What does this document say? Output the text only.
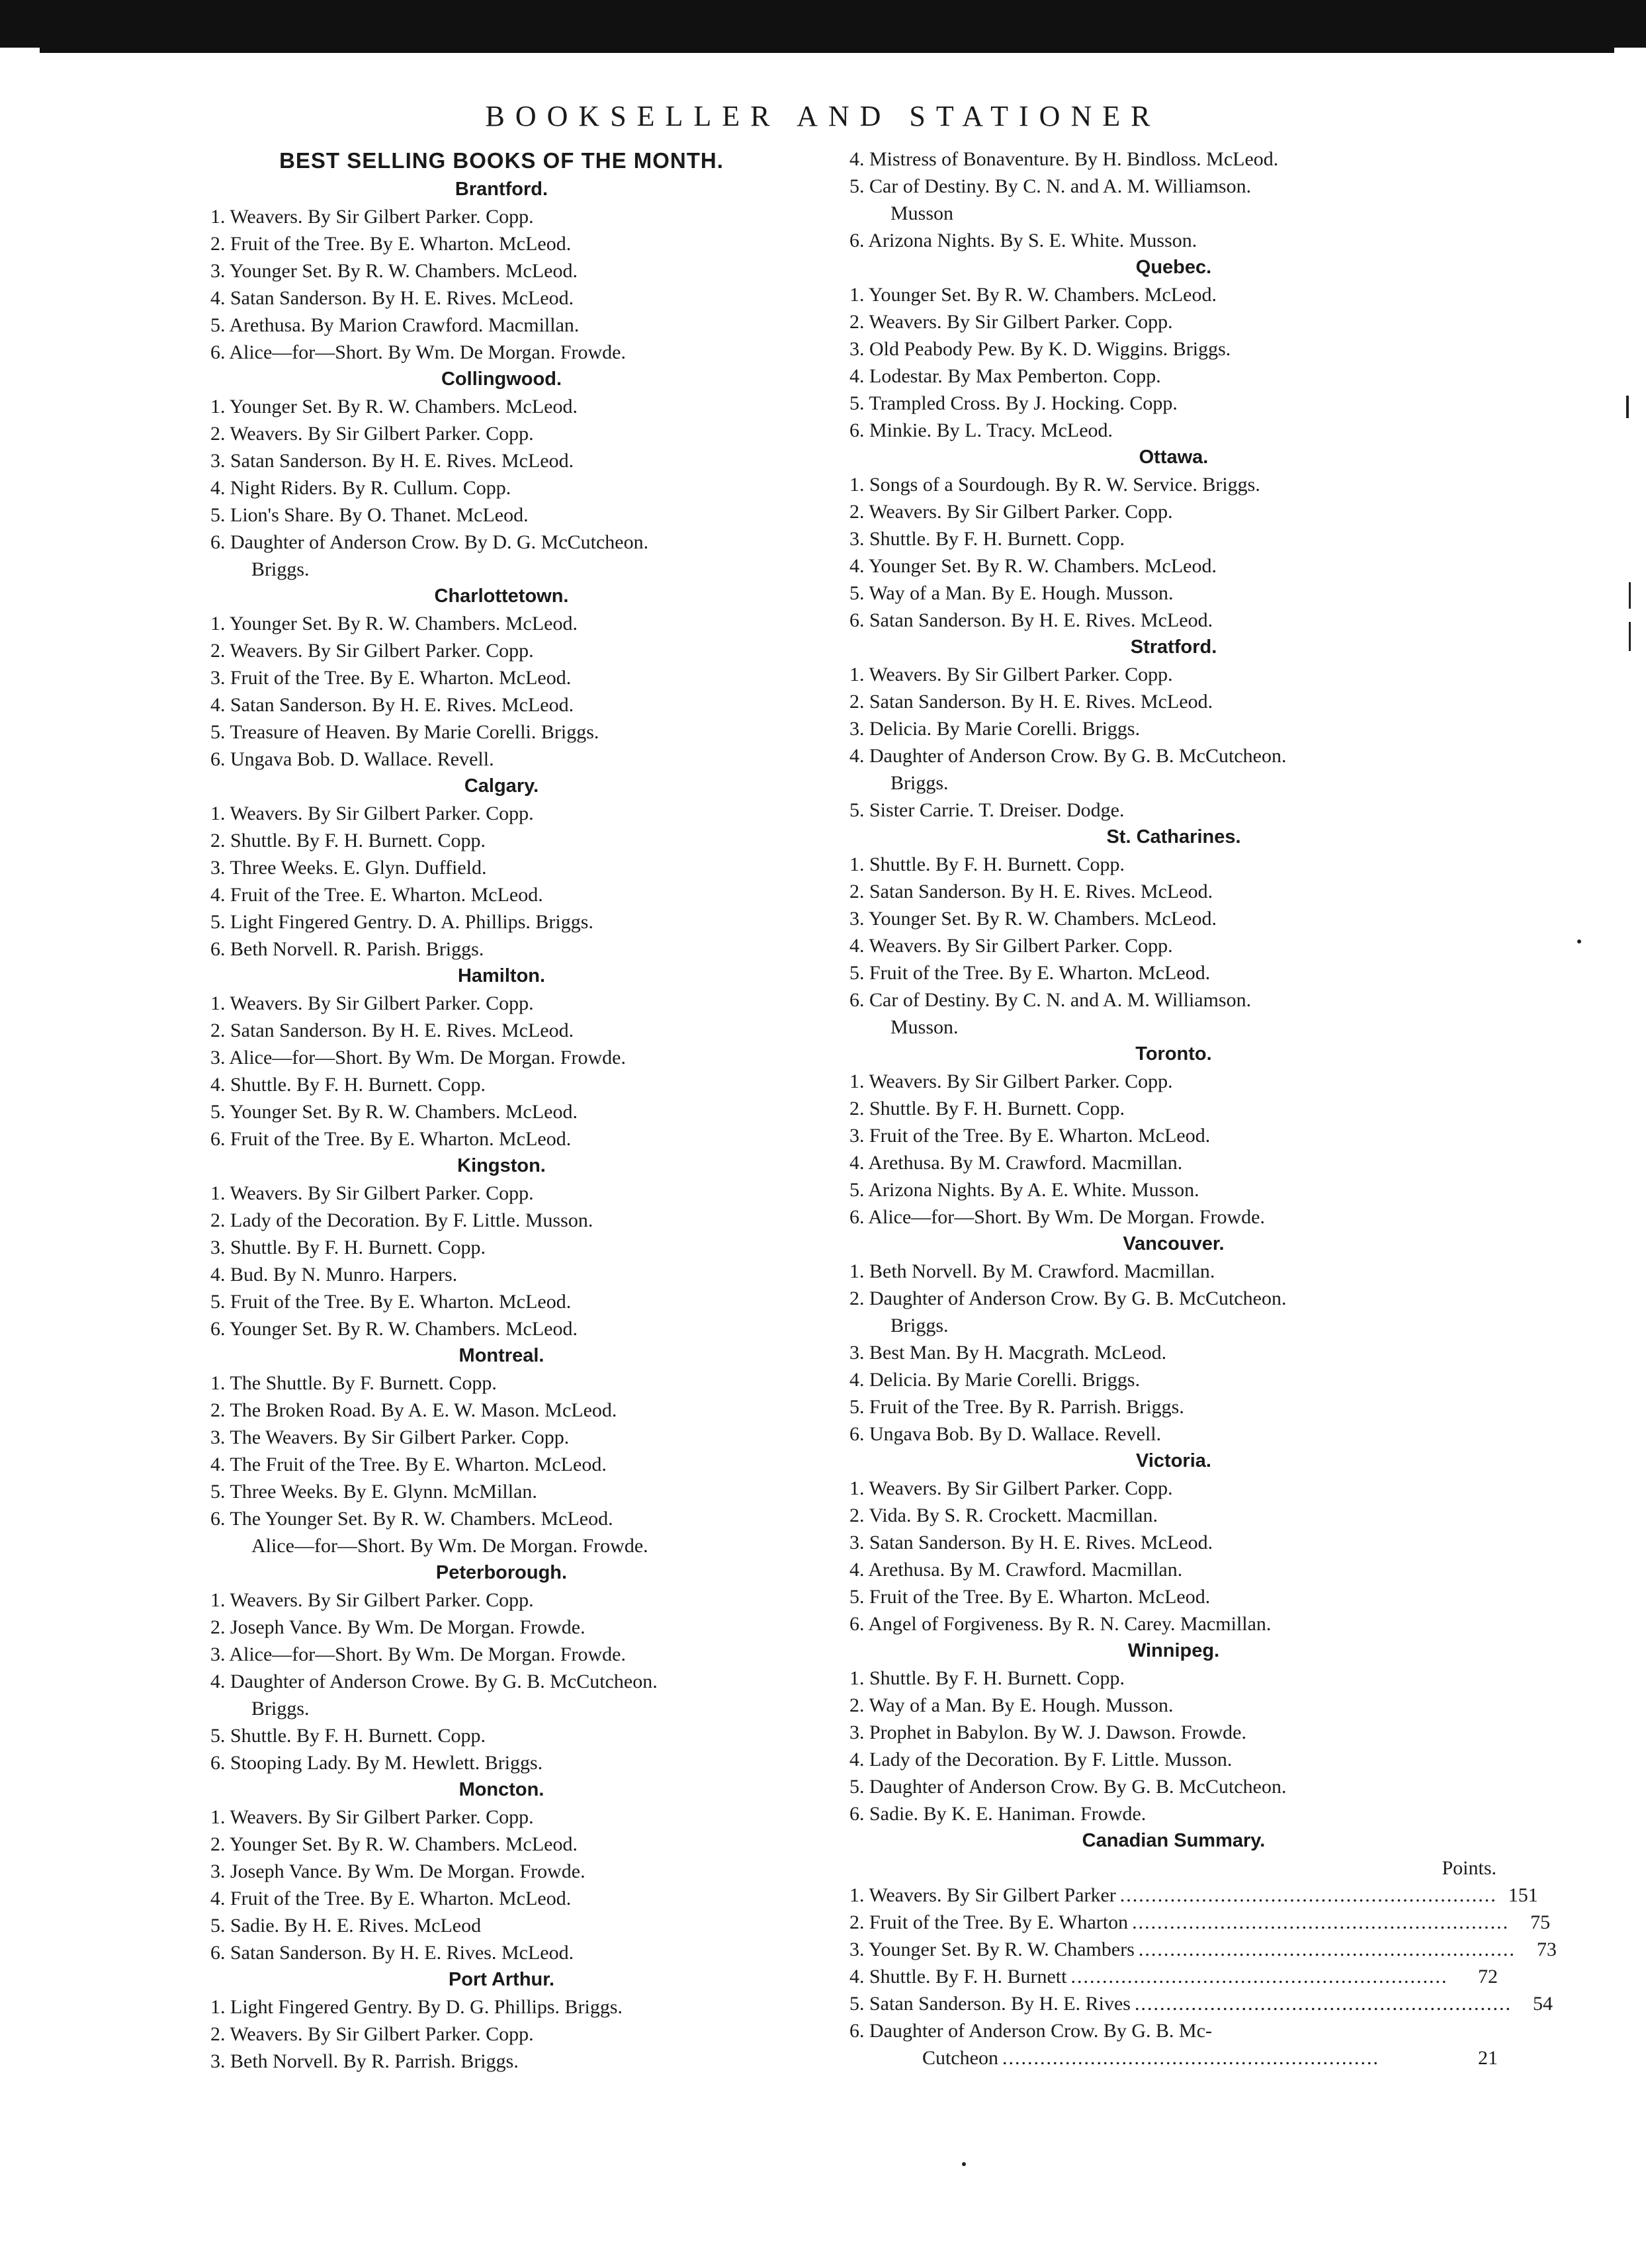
BOOKSELLER AND STATIONER
BEST SELLING BOOKS OF THE MONTH.
Brantford.
1. Weavers. By Sir Gilbert Parker. Copp.
2. Fruit of the Tree. By E. Wharton. McLeod.
3. Younger Set. By R. W. Chambers. McLeod.
4. Satan Sanderson. By H. E. Rives. McLeod.
5. Arethusa. By Marion Crawford. Macmillan.
6. Alice—for—Short. By Wm. De Morgan. Frowde.
Collingwood.
1. Younger Set. By R. W. Chambers. McLeod.
2. Weavers. By Sir Gilbert Parker. Copp.
3. Satan Sanderson. By H. E. Rives. McLeod.
4. Night Riders. By R. Cullum. Copp.
5. Lion's Share. By O. Thanet. McLeod.
6. Daughter of Anderson Crow. By D. G. McCutcheon.
Briggs.
Charlottetown.
1. Younger Set. By R. W. Chambers. McLeod.
2. Weavers. By Sir Gilbert Parker. Copp.
3. Fruit of the Tree. By E. Wharton. McLeod.
4. Satan Sanderson. By H. E. Rives. McLeod.
5. Treasure of Heaven. By Marie Corelli. Briggs.
6. Ungava Bob. D. Wallace. Revell.
Calgary.
1. Weavers. By Sir Gilbert Parker. Copp.
2. Shuttle. By F. H. Burnett. Copp.
3. Three Weeks. E. Glyn. Duffield.
4. Fruit of the Tree. E. Wharton. McLeod.
5. Light Fingered Gentry. D. A. Phillips. Briggs.
6. Beth Norvell. R. Parish. Briggs.
Hamilton.
1. Weavers. By Sir Gilbert Parker. Copp.
2. Satan Sanderson. By H. E. Rives. McLeod.
3. Alice—for—Short. By Wm. De Morgan. Frowde.
4. Shuttle. By F. H. Burnett. Copp.
5. Younger Set. By R. W. Chambers. McLeod.
6. Fruit of the Tree. By E. Wharton. McLeod.
Kingston.
1. Weavers. By Sir Gilbert Parker. Copp.
2. Lady of the Decoration. By F. Little. Musson.
3. Shuttle. By F. H. Burnett. Copp.
4. Bud. By N. Munro. Harpers.
5. Fruit of the Tree. By E. Wharton. McLeod.
6. Younger Set. By R. W. Chambers. McLeod.
Montreal.
1. The Shuttle. By F. Burnett. Copp.
2. The Broken Road. By A. E. W. Mason. McLeod.
3. The Weavers. By Sir Gilbert Parker. Copp.
4. The Fruit of the Tree. By E. Wharton. McLeod.
5. Three Weeks. By E. Glynn. McMillan.
6. The Younger Set. By R. W. Chambers. McLeod.
Alice—for—Short. By Wm. De Morgan. Frowde.
Peterborough.
1. Weavers. By Sir Gilbert Parker. Copp.
2. Joseph Vance. By Wm. De Morgan. Frowde.
3. Alice—for—Short. By Wm. De Morgan. Frowde.
4. Daughter of Anderson Crowe. By G. B. McCutcheon.
Briggs.
5. Shuttle. By F. H. Burnett. Copp.
6. Stooping Lady. By M. Hewlett. Briggs.
Moncton.
1. Weavers. By Sir Gilbert Parker. Copp.
2. Younger Set. By R. W. Chambers. McLeod.
3. Joseph Vance. By Wm. De Morgan. Frowde.
4. Fruit of the Tree. By E. Wharton. McLeod.
5. Sadie. By H. E. Rives. McLeod
6. Satan Sanderson. By H. E. Rives. McLeod.
Port Arthur.
1. Light Fingered Gentry. By D. G. Phillips. Briggs.
2. Weavers. By Sir Gilbert Parker. Copp.
3. Beth Norvell. By R. Parrish. Briggs.
4. Mistress of Bonaventure. By H. Bindloss. McLeod.
5. Car of Destiny. By C. N. and A. M. Williamson.
Musson
6. Arizona Nights. By S. E. White. Musson.
Quebec.
1. Younger Set. By R. W. Chambers. McLeod.
2. Weavers. By Sir Gilbert Parker. Copp.
3. Old Peabody Pew. By K. D. Wiggins. Briggs.
4. Lodestar. By Max Pemberton. Copp.
5. Trampled Cross. By J. Hocking. Copp.
6. Minkie. By L. Tracy. McLeod.
Ottawa.
1. Songs of a Sourdough. By R. W. Service. Briggs.
2. Weavers. By Sir Gilbert Parker. Copp.
3. Shuttle. By F. H. Burnett. Copp.
4. Younger Set. By R. W. Chambers. McLeod.
5. Way of a Man. By E. Hough. Musson.
6. Satan Sanderson. By H. E. Rives. McLeod.
Stratford.
1. Weavers. By Sir Gilbert Parker. Copp.
2. Satan Sanderson. By H. E. Rives. McLeod.
3. Delicia. By Marie Corelli. Briggs.
4. Daughter of Anderson Crow. By G. B. McCutcheon.
Briggs.
5. Sister Carrie. T. Dreiser. Dodge.
St. Catharines.
1. Shuttle. By F. H. Burnett. Copp.
2. Satan Sanderson. By H. E. Rives. McLeod.
3. Younger Set. By R. W. Chambers. McLeod.
4. Weavers. By Sir Gilbert Parker. Copp.
5. Fruit of the Tree. By E. Wharton. McLeod.
6. Car of Destiny. By C. N. and A. M. Williamson.
Musson.
Toronto.
1. Weavers. By Sir Gilbert Parker. Copp.
2. Shuttle. By F. H. Burnett. Copp.
3. Fruit of the Tree. By E. Wharton. McLeod.
4. Arethusa. By M. Crawford. Macmillan.
5. Arizona Nights. By A. E. White. Musson.
6. Alice—for—Short. By Wm. De Morgan. Frowde.
Vancouver.
1. Beth Norvell. By M. Crawford. Macmillan.
2. Daughter of Anderson Crow. By G. B. McCutcheon.
Briggs.
3. Best Man. By H. Macgrath. McLeod.
4. Delicia. By Marie Corelli. Briggs.
5. Fruit of the Tree. By R. Parrish. Briggs.
6. Ungava Bob. By D. Wallace. Revell.
Victoria.
1. Weavers. By Sir Gilbert Parker. Copp.
2. Vida. By S. R. Crockett. Macmillan.
3. Satan Sanderson. By H. E. Rives. McLeod.
4. Arethusa. By M. Crawford. Macmillan.
5. Fruit of the Tree. By E. Wharton. McLeod.
6. Angel of Forgiveness. By R. N. Carey. Macmillan.
Winnipeg.
1. Shuttle. By F. H. Burnett. Copp.
2. Way of a Man. By E. Hough. Musson.
3. Prophet in Babylon. By W. J. Dawson. Frowde.
4. Lady of the Decoration. By F. Little. Musson.
5. Daughter of Anderson Crow. By G. B. McCutcheon.
6. Sadie. By K. E. Haniman. Frowde.
Canadian Summary.
Points.
1. Weavers. By Sir Gilbert Parker ............................................................ 151
2. Fruit of the Tree. By E. Wharton ............................................................	75
3. Younger Set. By R. W. Chambers ............................................................	73
4. Shuttle. By F. H. Burnett ............................................................	72
5. Satan Sanderson. By H. E. Rives ............................................................	54
6. Daughter of Anderson Crow. By G. B. Mc-
Cutcheon ............................................................	21
